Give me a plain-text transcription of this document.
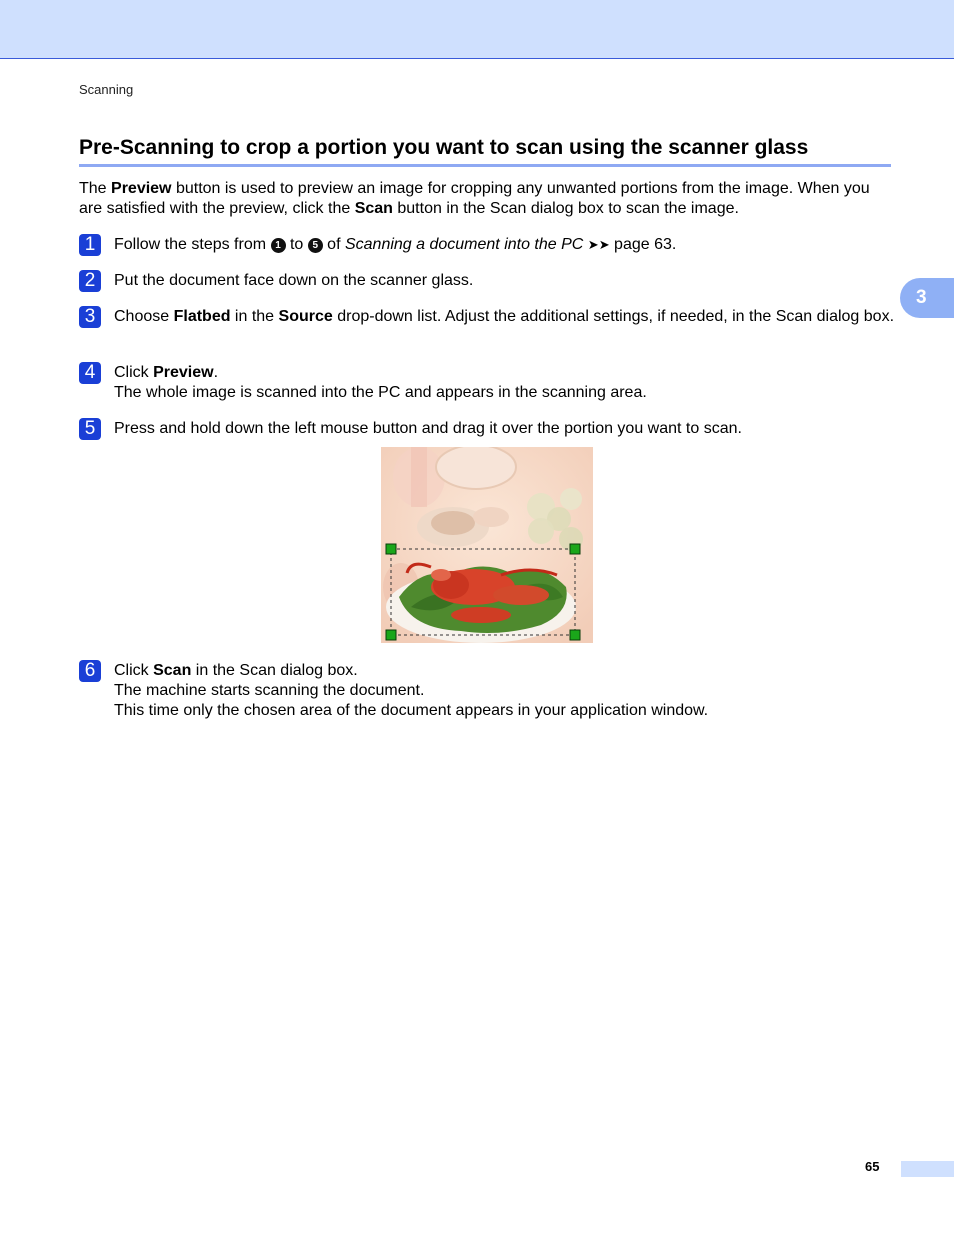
Scanning
Pre-Scanning to crop a portion you want to scan using the scanner glass
The Preview button is used to preview an image for cropping any unwanted portions from the image. When you are satisfied with the preview, click the Scan button in the Scan dialog box to scan the image.
3
1	Follow the steps from 1 to 5 of Scanning a document into the PC ➤➤ page 63.
2	Put the document face down on the scanner glass.
3	Choose Flatbed in the Source drop-down list. Adjust the additional settings, if needed, in the Scan dialog box.
4	Click Preview.
The whole image is scanned into the PC and appears in the scanning area.
5	Press and hold down the left mouse button and drag it over the portion you want to scan.
6	Click Scan in the Scan dialog box.
The machine starts scanning the document.
This time only the chosen area of the document appears in your application window.
65
